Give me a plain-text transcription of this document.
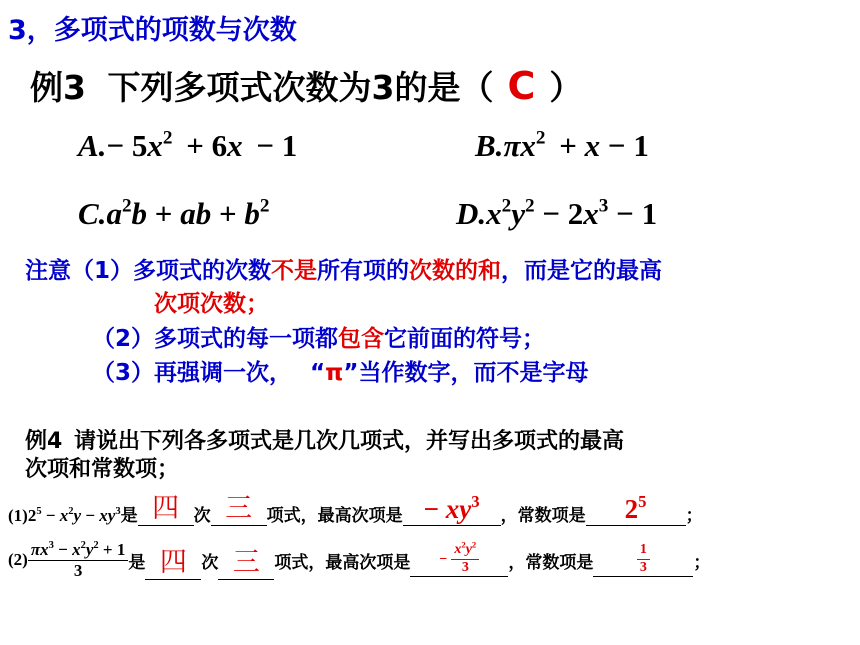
3，多项式的项数与次数
例3 下列多项式次数为3的是（ C ）
$A.- 5x^2 + 6x - 1$	$B.\pi x^2 + x - 1$
$C.a^2b$ + ab + $b^2$	$D.x^2y^2 - 2x^3 - 1$
注意（1）多项式的次数不是所有项的次数的和，而是它的最高
次项次数；
（2）多项式的每一项都包含它前面的符号；
（3）再强调一次， “π”当作数字，而不是字母
例4 请说出下列各多项式是几次几项式，并写出多项式的最高
次项和常数项；
$(1)2^5 - x^2y - xy^3$ 是 四 次 三 项式，最高次项是 − $xy^3$
，常数项是	$2^5$
；
$(2) \frac{\pi x^3 - x^2y^2 + 1}{3}$ 是 四 次 三 项式，最高次项是 − $\frac{x^2y^2}{3}$ ，常数项是	$\frac{1}{3}$	；
